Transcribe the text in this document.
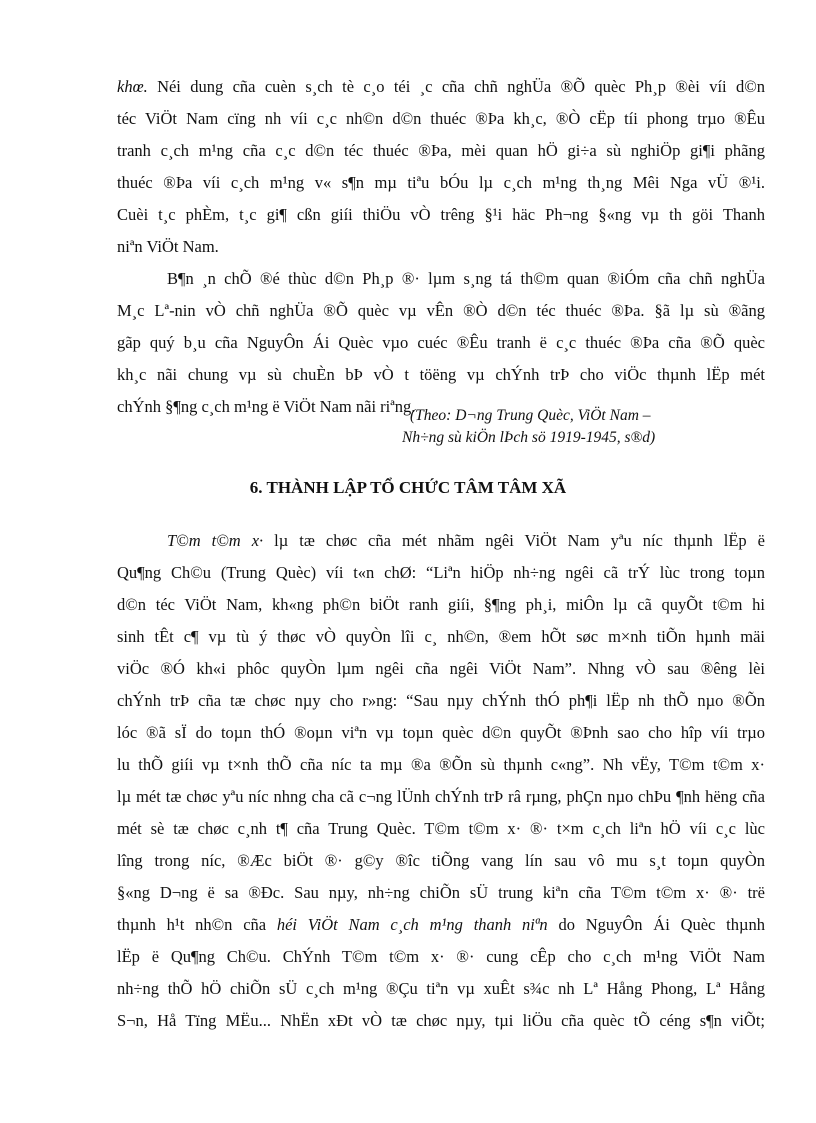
khœ. Néi dung cña cuèn s¸ch tè c¸o téi ¸c cña chñ nghÜa ®Õ quèc Ph¸p ®èi víi d©n
téc ViÖt Nam cïng nh víi c¸c nh©n d©n thuéc ®Þa kh¸c, ®Ò cËp tíi phong trµo ®Êu
tranh c¸ch m¹ng cña c¸c d©n téc thuéc ®Þa, mèi quan hÖ gi÷a sù nghiÖp gi¶i phãng
thuéc ®Þa víi c¸ch m¹ng v« s¶n mµ tiªu bÓu lµ c¸ch m¹ng th¸ng Mêi Nga vÜ ®¹i.
Cuèi t¸c phÈm, t¸c gi¶ cßn giíi thiÖu vÒ trêng §¹i häc Ph¬ng §«ng vµ th göi Thanh
niªn ViÖt Nam.
B¶n ¸n chÕ ®é thùc d©n Ph¸p ®· lµm s¸ng tá th©m quan ®iÓm cña chñ nghÜa
M¸c Lª-nin vÒ chñ nghÜa ®Õ quèc vµ vÊn ®Ò d©n téc thuéc ®Þa. §ã lµ sù ®ãng
gãp quý b¸u cña NguyÔn Ái Quèc vµo cuéc ®Êu tranh ë c¸c thuéc ®Þa cña ®Õ quèc
kh¸c nãi chung vµ sù chuÈn bÞ vÒ t töëng vµ chÝnh trÞ cho viÖc thµnh lËp mét
chÝnh §¶ng c¸ch m¹ng ë ViÖt Nam nãi riªng.
(Theo: D¬ng Trung Quèc, ViÖt Nam –
Nh÷ng sù kiÖn lÞch sö 1919-1945, s®d)
6. THÀNH LẬP TỔ CHỨC TÂM TÂM XÃ
T©m t©m x· lµ tæ chøc cña mét nhãm ngêi ViÖt Nam yªu níc thµnh lËp ë
Qu¶ng Ch©u (Trung Quèc) víi t«n chØ: “Liªn hiÖp nh÷ng ngêi cã trÝ lùc trong toµn
d©n téc ViÖt Nam, kh«ng ph©n biÖt ranh giíi, §¶ng ph¸i, miÔn lµ cã quyÕt t©m hi
sinh tÊt c¶ vµ tù ý thøc vÒ quyÒn lîi c¸ nh©n, ®em hÕt søc m×nh tiÕn hµnh mäi
viÖc ®Ó kh«i phôc quyÒn lµm ngêi cña ngêi ViÖt Nam”. Nhng vÒ sau ®êng lèi
chÝnh trÞ cña tæ chøc nµy cho r»ng: “Sau nµy chÝnh thÓ ph¶i lËp nh thÕ nµo ®Õn
lóc ®ã sÏ do toµn thÓ ®oµn viªn vµ toµn quèc d©n quyÕt ®Þnh sao cho hîp víi trµo
lu thÕ giíi vµ t×nh thÕ cña níc ta mµ ®a ®Õn sù thµnh c«ng”. Nh vËy, T©m t©m x·
lµ mét tæ chøc yªu níc nhng cha cã c¬ng lÜnh chÝnh trÞ râ rµng, phÇn nµo chÞu ¶nh hëng cña
mét sè tæ chøc c¸nh t¶ cña Trung Quèc. T©m t©m x· ®· t×m c¸ch liªn hÖ víi c¸c lùc
lîng trong níc, ®Æc biÖt ®· g©y ®îc tiÕng vang lín sau vô mu s¸t toµn quyÒn
§«ng D¬ng ë sa ®Ðc. Sau nµy, nh÷ng chiÕn sÜ trung kiªn cña T©m t©m x· ®· trë
thµnh h¹t nh©n cña héi ViÖt Nam c¸ch m¹ng thanh niªn do NguyÔn Ái Quèc thµnh
lËp ë Qu¶ng Ch©u. ChÝnh T©m t©m x· ®· cung cÊp cho c¸ch m¹ng ViÖt Nam
nh÷ng thÕ hÖ chiÕn sÜ c¸ch m¹ng ®Çu tiªn vµ xuÊt s¾c nh Lª Hång Phong, Lª Hång
S¬n, Hå Tïng MËu... NhËn xÐt vÒ tæ chøc nµy, tµi liÖu cña quèc tÕ céng s¶n viÕt;
